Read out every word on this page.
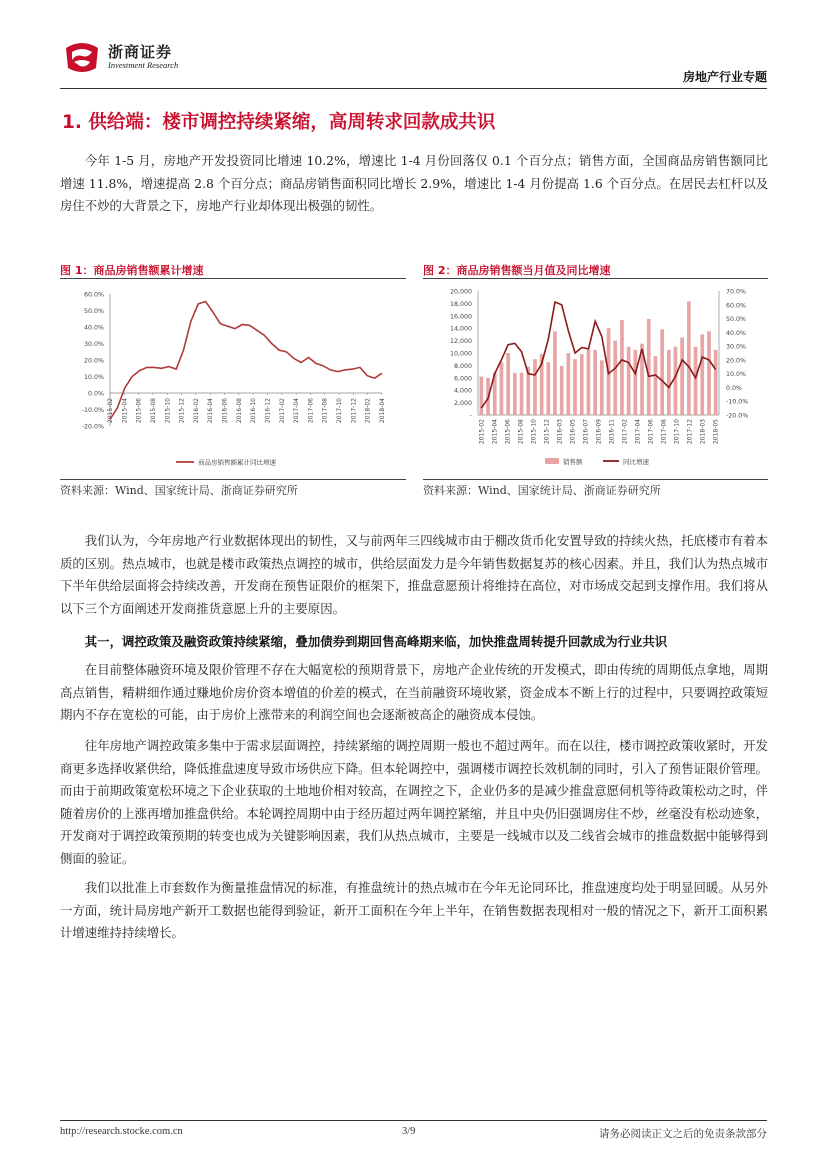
浙商证券
Investment Research
房地产行业专题
1. 供给端：楼市调控持续紧缩，高周转求回款成共识

今年 1-5 月，房地产开发投资同比增速 10.2%，增速比 1-4 月份回落仅 0.1 个百分点；销售方面，全国商品房销售额同比增速 11.8%，增速提高 2.8 个百分点；商品房销售面积同比增长 2.9%，增速比 1-4 月份提高 1.6 个百分点。在居民去杠杆以及房住不炒的大背景之下，房地产行业却体现出极强的韧性。

图 1：商品房销售额累计增速	图 2：商品房销售额当月值及同比增速
60.0%
50.0%
40.0%
30.0%
20.0%
10.0%
0.0%
-10.0%
-20.0%
2015-02 2015-04 2015-06 2015-08 2015-10 2015-12 2016-02 2016-04 2016-06 2016-08 2016-10 2016-12 2017-02 2017-04 2017-06 2017-08 2017-10 2017-12 2018-02 2018-04
商品房销售额累计同比增速
20,000
18,000
16,000
14,000
12,000
10,000
8,000
6,000
4,000
2,000
-
70.0%
60.0%
50.0%
40.0%
30.0%
20.0%
10.0%
0.0%
-10.0%
-20.0%
2015-02 2015-04 2015-06 2015-08 2015-10 2015-12 2016-03 2016-05 2016-07 2016-09 2016-11 2017-02 2017-04 2017-06 2017-08 2017-10 2017-12 2018-03 2018-05
销售额	同比增速
资料来源：Wind、国家统计局、浙商证券研究所	资料来源：Wind、国家统计局、浙商证券研究所

我们认为，今年房地产行业数据体现出的韧性，又与前两年三四线城市由于棚改货币化安置导致的持续火热，托底楼市有着本质的区别。热点城市，也就是楼市政策热点调控的城市，供给层面发力是今年销售数据复苏的核心因素。并且，我们认为热点城市下半年供给层面将会持续改善，开发商在预售证限价的框架下，推盘意愿预计将维持在高位，对市场成交起到支撑作用。我们将从以下三个方面阐述开发商推货意愿上升的主要原因。

其一，调控政策及融资政策持续紧缩，叠加债券到期回售高峰期来临，加快推盘周转提升回款成为行业共识

在目前整体融资环境及限价管理不存在大幅宽松的预期背景下，房地产企业传统的开发模式，即由传统的周期低点拿地，周期高点销售，精耕细作通过赚地价房价资本增值的价差的模式，在当前融资环境收紧，资金成本不断上行的过程中，只要调控政策短期内不存在宽松的可能，由于房价上涨带来的利润空间也会逐渐被高企的融资成本侵蚀。

往年房地产调控政策多集中于需求层面调控，持续紧缩的调控周期一般也不超过两年。而在以往，楼市调控政策收紧时，开发商更多选择收紧供给，降低推盘速度导致市场供应下降。但本轮调控中，强调楼市调控长效机制的同时，引入了预售证限价管理。而由于前期政策宽松环境之下企业获取的土地地价相对较高，在调控之下，企业仍多的是减少推盘意愿伺机等待政策松动之时，伴随着房价的上涨再增加推盘供给。本轮调控周期中由于经历超过两年调控紧缩，并且中央仍旧强调房住不炒，丝毫没有松动迹象，开发商对于调控政策预期的转变也成为关键影响因素，我们从热点城市，主要是一线城市以及二线省会城市的推盘数据中能够得到侧面的验证。

我们以批准上市套数作为衡量推盘情况的标准，有推盘统计的热点城市在今年无论同环比，推盘速度均处于明显回暖。从另外一方面，统计局房地产新开工数据也能得到验证，新开工面积在今年上半年，在销售数据表现相对一般的情况之下，新开工面积累计增速维持持续增长。

http://research.stocke.com.cn	3/9	请务必阅读正文之后的免责条款部分
